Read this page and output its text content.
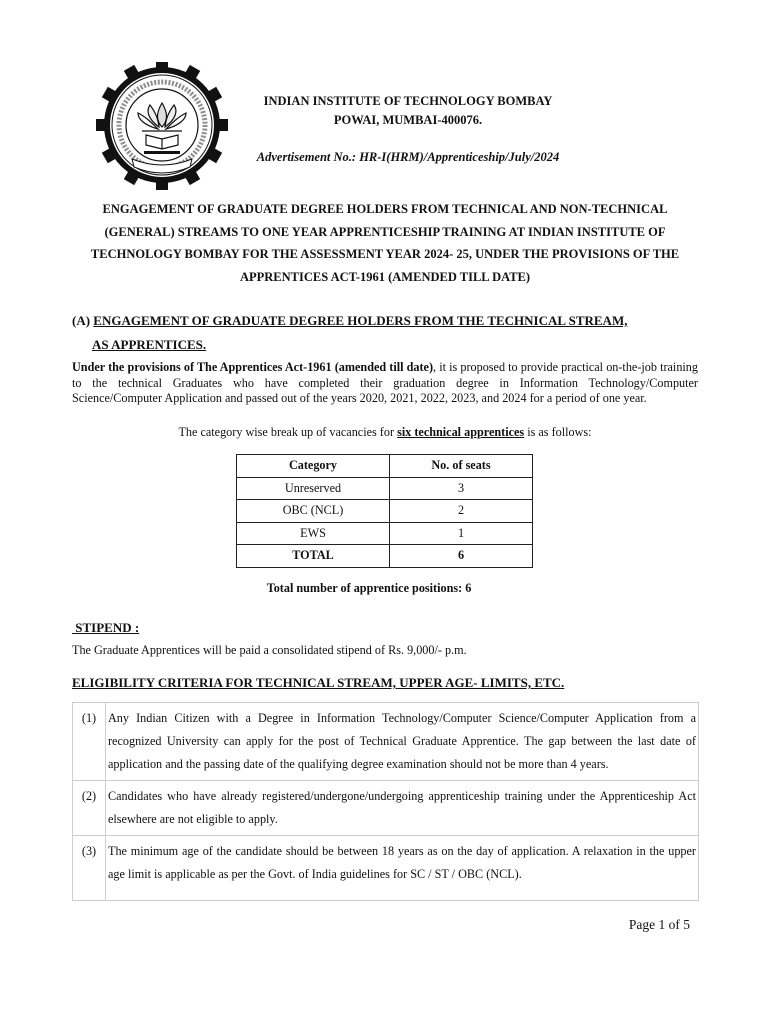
INDIAN INSTITUTE OF TECHNOLOGY BOMBAY
POWAI, MUMBAI-400076.
Advertisement No.: HR-I(HRM)/Apprenticeship/July/2024
ENGAGEMENT OF GRADUATE DEGREE HOLDERS FROM TECHNICAL AND NON-TECHNICAL
(GENERAL) STREAMS TO ONE YEAR APPRENTICESHIP TRAINING AT INDIAN INSTITUTE OF
TECHNOLOGY BOMBAY FOR THE ASSESSMENT YEAR 2024- 25, UNDER THE PROVISIONS OF THE
APPRENTICES ACT-1961 (AMENDED TILL DATE)
(A) ENGAGEMENT OF GRADUATE DEGREE HOLDERS FROM THE TECHNICAL STREAM,
AS APPRENTICES.
Under the provisions of The Apprentices Act-1961 (amended till date), it is proposed to provide practical on-the-job training to the technical Graduates who have completed their graduation degree in Information Technology/Computer Science/Computer Application and passed out of the years 2020, 2021, 2022, 2023, and 2024 for a period of one year.
The category wise break up of vacancies for six technical apprentices is as follows:
Category	No. of seats
Unreserved	3
OBC (NCL)	2
EWS	1
TOTAL	6
Total number of apprentice positions: 6
STIPEND :
The Graduate Apprentices will be paid a consolidated stipend of Rs. 9,000/- p.m.
ELIGIBILITY CRITERIA FOR TECHNICAL STREAM, UPPER AGE- LIMITS, ETC.
(1)	Any Indian Citizen with a Degree in Information Technology/Computer Science/Computer Application from a recognized University can apply for the post of Technical Graduate Apprentice. The gap between the last date of application and the passing date of the qualifying degree examination should not be more than 4 years.
(2)	Candidates who have already registered/undergone/undergoing apprenticeship training under the Apprenticeship Act elsewhere are not eligible to apply.
(3)	The minimum age of the candidate should be between 18 years as on the day of application. A relaxation in the upper age limit is applicable as per the Govt. of India guidelines for SC / ST / OBC (NCL).
Page 1 of 5
